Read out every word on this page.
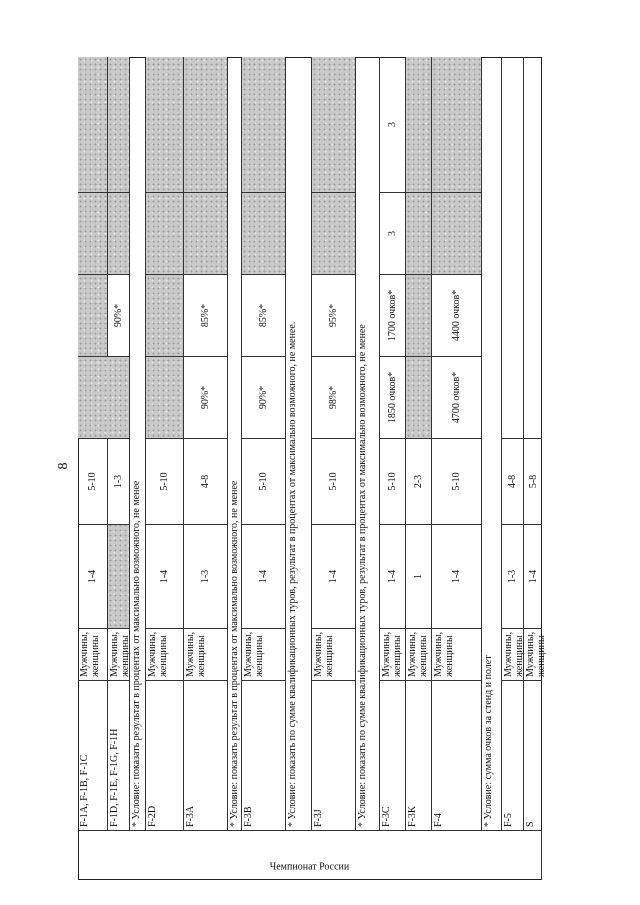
8
Чемпионат России
F-1A, F-1B, F-1C
Мужчины, женщины
1-4
5-10
F-1D, F-1E, F-1G, F-1H
Мужчины, женщины
1-3
90%*
* Условие: показать результат в процентах от максимально возможного, не менее F-2D
Мужчины, женщины
1-4
5-10
F-3A
Мужчины, женщины
1-3
4-8
90%*
85%*
* Условие: показать результат в процентах от максимально возможного, не менее F-3B
Мужчины, женщины
1-4
5-10
90%*
85%*
* Условие: показать по сумме квалификационных туров, результат в процентах от максимально возможного, не менее.	F-3J
Мужчины, женщины
1-4
5-10
98%*
95%*
* Условие: показать по сумме квалификационных туров, результат в процентах от максимально возможного, не менее	F-3C
Мужчины, женщины
1-4
5-10
1850 очков*
1700 очков*
3
3
F-3K
Мужчины, женщины
1
2-3
F-4
Мужчины, женщины
1-4
5-10
4700 очков*
4400 очков*
* Условие: сумма очков за стенд и полет F-5
Мужчины, женщины
1-3
4-8
S
Мужчины, женщины
1-4
5-8
